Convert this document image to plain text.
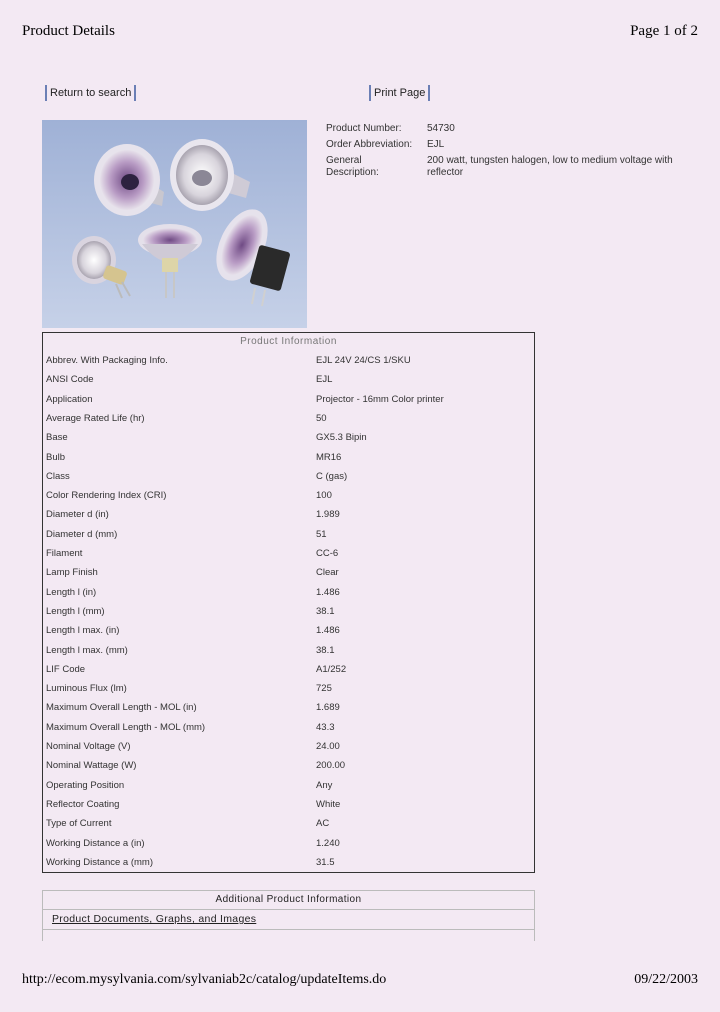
Product Details	Page 1 of 2
Return to search	Print Page
Product Number:	54730
Order Abbreviation:	EJL
General Description:
200 watt, tungsten halogen, low to medium voltage with reflector
Product Information
Abbrev. With Packaging Info.	EJL 24V 24/CS 1/SKU
ANSI Code	EJL
Application	Projector - 16mm Color printer
Average Rated Life (hr)	50
Base	GX5.3 Bipin
Bulb	MR16
Class	C (gas)
Color Rendering Index (CRI)	100
Diameter d (in)	1.989
Diameter d (mm)	51
Filament	CC-6
Lamp Finish	Clear
Length l (in)	1.486
Length l (mm)	38.1
Length l max. (in)	1.486
Length l max. (mm)	38.1
LIF Code	A1/252
Luminous Flux (lm)	725
Maximum Overall Length - MOL (in)	1.689
Maximum Overall Length - MOL (mm)	43.3
Nominal Voltage (V)	24.00
Nominal Wattage (W)	200.00
Operating Position	Any
Reflector Coating	White
Type of Current	AC
Working Distance a (in)	1.240
Working Distance a (mm)	31.5
Additional Product Information
Product Documents, Graphs, and Images
http://ecom.mysylvania.com/sylvaniab2c/catalog/updateItems.do	09/22/2003
